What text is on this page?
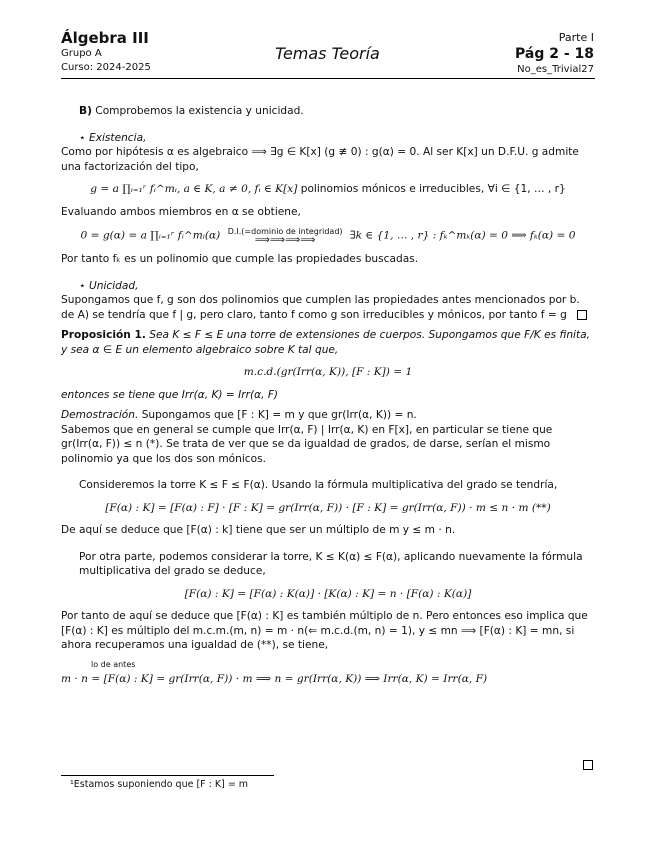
Álgebra III
Grupo A
Curso: 2024-2025
Temas Teoría
Parte I
Pág 2 - 18
No_es_Trivial27

B) Comprobemos la existencia y unicidad.

⋆ Existencia,

Como por hipótesis α es algebraico ⟹ ∃g ∈ K[x] (g ≢ 0) : g(α) = 0. Al ser K[x] un D.F.U. g admite una factorización del tipo,

g = a ∏ᵢ₌₁ʳ fᵢ^mᵢ, a ∈ K, a ≠ 0, fᵢ ∈ K[x] polinomios mónicos e irreducibles, ∀i ∈ {1, … , r}

Evaluando ambos miembros en α se obtiene,

0 = g(α) = a ∏ᵢ₌₁ʳ fᵢ^mᵢ(α) D.I.(=dominio de integridad)
⟹⟹⟹⟹	∃k ∈ {1, … , r} : fₖ^mₖ(α) = 0 ⟹ fₖ(α) = 0

Por tanto fₖ es un polinomio que cumple las propiedades buscadas.

⋆ Unicidad,

Supongamos que f, g son dos polinomios que cumplen las propiedades antes mencionados por b. de A) se tendría que f | g, pero claro, tanto f como g son irreducibles y mónicos, por tanto f = g

Proposición 1. Sea K ≤ F ≤ E una torre de extensiones de cuerpos. Supongamos que F/K es finita, y sea α ∈ E un elemento algebraico sobre K tal que,

m.c.d.(gr(Irr(α, K)), [F : K]) = 1

entonces se tiene que Irr(α, K) = Irr(α, F)

Demostración. Supongamos que [F : K] = m y que gr(Irr(α, K)) = n.

Sabemos que en general se cumple que Irr(α, F) | Irr(α, K) en F[x], en particular se tiene que gr(Irr(α, F)) ≤ n (*). Se trata de ver que se da igualdad de grados, de darse, serían el mismo polinomio ya que los dos son mónicos.

Consideremos la torre K ≤ F ≤ F(α). Usando la fórmula multiplicativa del grado se tendría,

[F(α) : K] = [F(α) : F] · [F : K] = gr(Irr(α, F)) · [F : K] = gr(Irr(α, F)) · m ≤ n · m (**)

De aquí se deduce que [F(α) : k] tiene que ser un múltiplo de m y ≤ m · n.

Por otra parte, podemos considerar la torre, K ≤ K(α) ≤ F(α), aplicando nuevamente la fórmula multiplicativa del grado se deduce,

[F(α) : K] = [F(α) : K(α)] · [K(α) : K] = n · [F(α) : K(α)]

Por tanto de aquí se deduce que [F(α) : K] es también múltiplo de n. Pero entonces eso implica que [F(α) : K] es múltiplo del m.c.m.(m, n) = m · n(⇐ m.c.d.(m, n) = 1), y ≤ mn ⟹ [F(α) : K] = mn, si ahora recuperamos una igualdad de (**), se tiene,

lo de antes
m · n = [F(α) : K] = gr(Irr(α, F)) · m ⟹ n = gr(Irr(α, K)) ⟹ Irr(α, K) = Irr(α, F)
¹Estamos suponiendo que [F : K] = m
